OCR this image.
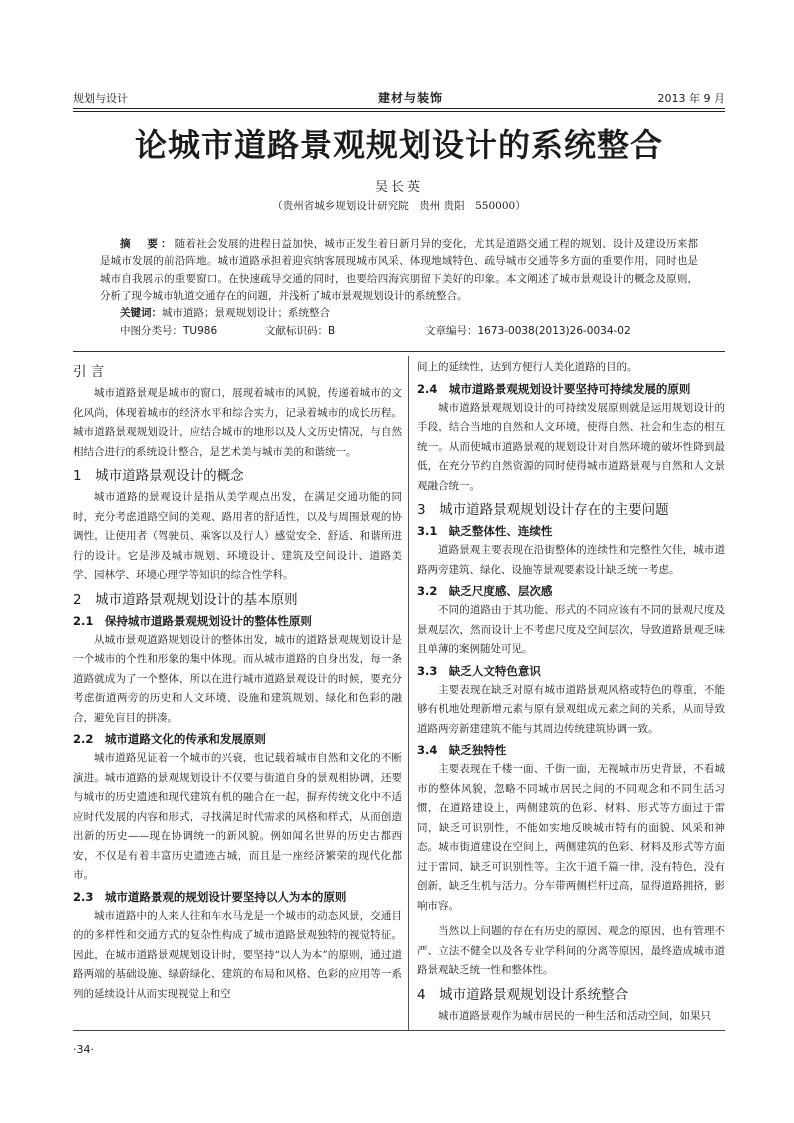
规划与设计	建材与装饰	2013 年 9 月
论城市道路景观规划设计的系统整合
吴长英
（贵州省城乡规划设计研究院　贵州 贵阳　550000）
摘　要：随着社会发展的进程日益加快，城市正发生着日新月异的变化，尤其是道路交通工程的规划、设计及建设历来都是城市发展的前沿阵地。城市道路承担着迎宾纳客展现城市风采、体现地域特色、疏导城市交通等多方面的重要作用，同时也是城市自我展示的重要窗口。在快速疏导交通的同时，也要给四海宾朋留下美好的印象。本文阐述了城市景观设计的概念及原则，分析了现今城市轨道交通存在的问题，并浅析了城市景观规划设计的系统整合。
关键词：城市道路；景观规划设计；系统整合
中图分类号：TU986	文献标识码：B	文章编号：1673-0038(2013)26-0034-02
引 言

城市道路景观是城市的窗口，展现着城市的风貌，传递着城市的文化风尚，体现着城市的经济水平和综合实力，记录着城市的成长历程。城市道路景观规划设计，应结合城市的地形以及人文历史情况，与自然相结合进行的系统设计整合，是艺术美与城市美的和谐统一。

1　城市道路景观设计的概念

城市道路的景观设计是指从美学观点出发，在满足交通功能的同时，充分考虑道路空间的美观、路用者的舒适性，以及与周围景观的协调性，让使用者（驾驶员、乘客以及行人）感觉安全、舒适、和谐所进行的设计。它是涉及城市规划、环境设计、建筑及空间设计、道路美学、园林学、环境心理学等知识的综合性学科。

2　城市道路景观规划设计的基本原则
2.1　保持城市道路景观规划设计的整体性原则

从城市景观道路规划设计的整体出发，城市的道路景观规划设计是一个城市的个性和形象的集中体现。而从城市道路的自身出发，每一条道路就成为了一个整体，所以在进行城市道路景观设计的时候，要充分考虑街道两旁的历史和人文环境、设施和建筑规划、绿化和色彩的融合，避免盲目的拼凑。

2.2　城市道路文化的传承和发展原则

城市道路见证着一个城市的兴衰，也记载着城市自然和文化的不断演进。城市道路的景观规划设计不仅要与街道自身的景观相协调，还要与城市的历史遗迹和现代建筑有机的融合在一起，摒弃传统文化中不适应时代发展的内容和形式，寻找满足时代需求的风格和样式，从而创造出新的历史——现在协调统一的新风貌。例如闻名世界的历史古都西安，不仅是有着丰富历史遗迹古城，而且是一座经济繁荣的现代化都市。

2.3　城市道路景观的规划设计要坚持以人为本的原则

城市道路中的人来人往和车水马龙是一个城市的动态风景，交通目的的多样性和交通方式的复杂性构成了城市道路景观独特的视觉特征。因此，在城市道路景观规划设计时，要坚持“以人为本”的原则，通过道路两端的基础设施、绿蔚绿化、建筑的布局和风格、色彩的应用等一系列的延续设计从而实现视觉上和空

间上的延续性，达到方便行人美化道路的目的。

2.4　城市道路景观规划设计要坚持可持续发展的原则

城市道路景观规划设计的可持续发展原则就是运用规划设计的手段，结合当地的自然和人文环境，使得自然、社会和生态的相互统一。从而使城市道路景观的规划设计对自然环境的破坏性降到最低，在充分节约自然资源的同时使得城市道路景观与自然和人文景观融合统一。

3　城市道路景观规划设计存在的主要问题
3.1　缺乏整体性、连续性

道路景观主要表现在沿街整体的连续性和完整性欠佳，城市道路两旁建筑、绿化、设施等景观要素设计缺乏统一考虑。

3.2　缺乏尺度感、层次感

不同的道路由于其功能、形式的不同应该有不同的景观尺度及景观层次，然而设计上不考虑尺度及空间层次，导致道路景观乏味且单薄的案例随处可见。

3.3　缺乏人文特色意识

主要表现在缺乏对原有城市道路景观风格或特色的尊重，不能够有机地处理新增元素与原有景观组成元素之间的关系，从而导致道路两旁新建建筑不能与其周边传统建筑协调一致。

3.4　缺乏独特性

主要表现在千楼一面、千街一面，无视城市历史背景，不看城市的整体风貌，忽略不同城市居民之间的不同观念和不同生活习惯，在道路建设上，两侧建筑的色彩、材料、形式等方面过于雷同，缺乏可识别性，不能如实地反映城市特有的面貌、风采和神态。城市街道建设在空间上，两侧建筑的色彩、材料及形式等方面过于雷同，缺乏可识别性等。主次干道千篇一律，没有特色，没有创新，缺乏生机与活力。分车带两侧栏杆过高，显得道路拥挤，影响市容。

当然以上问题的存在有历史的原因、观念的原因，也有管理不严、立法不健全以及各专业学科间的分离等原因，最终造成城市道路景观缺乏统一性和整体性。

4　城市道路景观规划设计系统整合

城市道路景观作为城市居民的一种生活和活动空间，如果只

·34·
